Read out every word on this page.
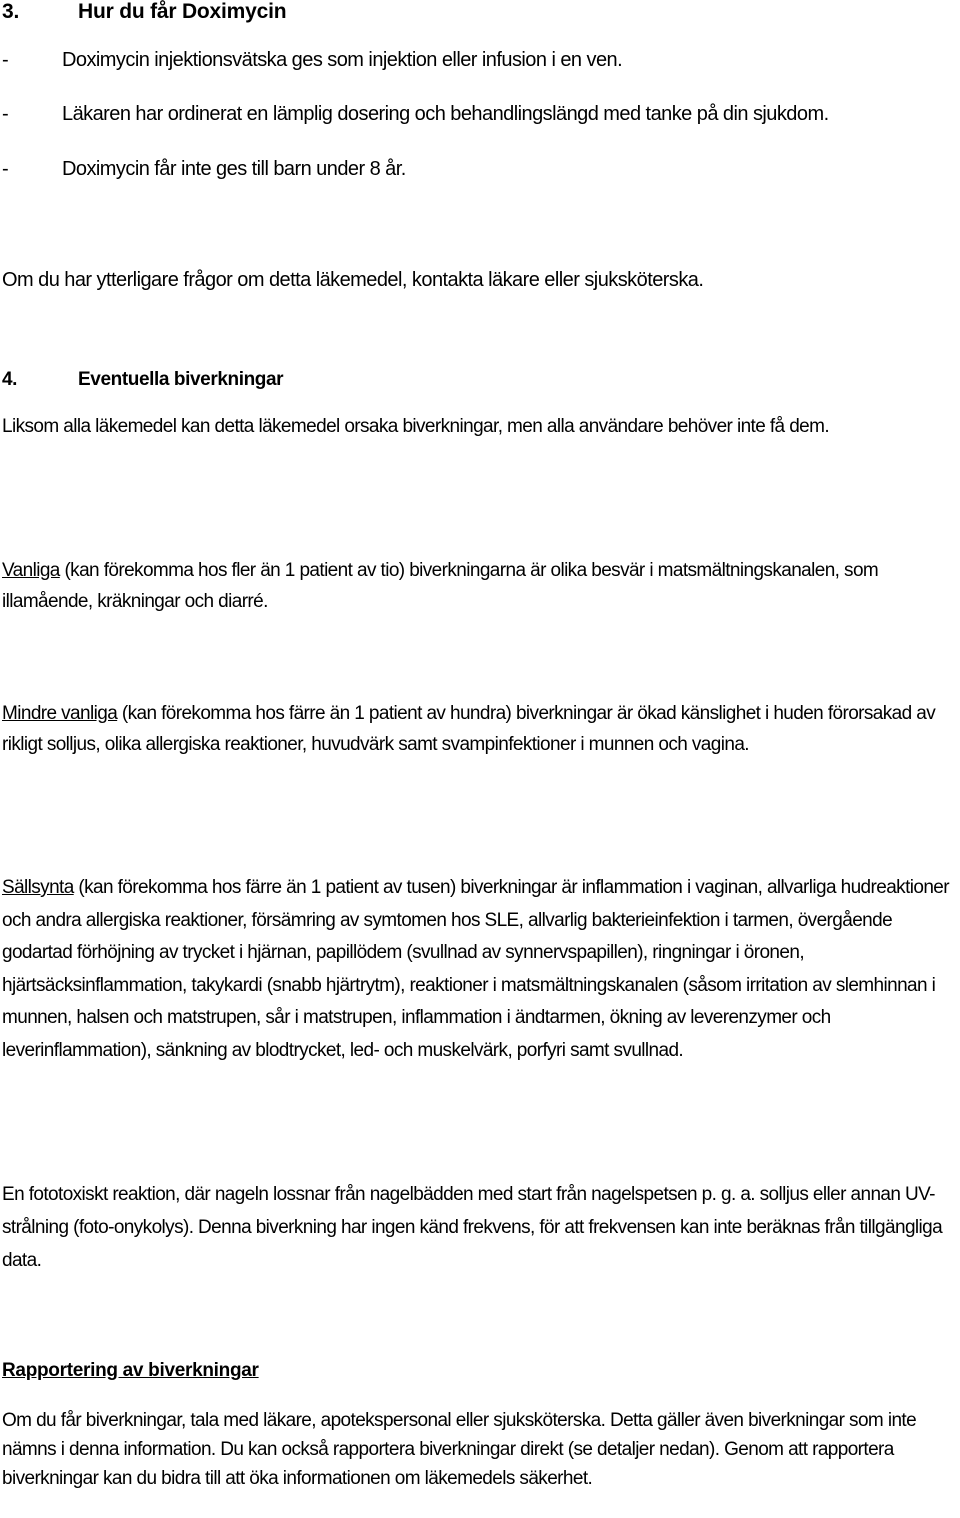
3.	Hur du får Doximycin
-	Doximycin injektionsvätska ges som injektion eller infusion i en ven.
-	Läkaren har ordinerat en lämplig dosering och behandlingslängd med tanke på din sjukdom.
-	Doximycin får inte ges till barn under 8 år.

Om du har ytterligare frågor om detta läkemedel, kontakta läkare eller sjuksköterska.

4.	Eventuella biverkningar

Liksom alla läkemedel kan detta läkemedel orsaka biverkningar, men alla användare behöver inte få dem.

Vanliga (kan förekomma hos fler än 1 patient av tio) biverkningarna är olika besvär i matsmältningskanalen, som illamående, kräkningar och diarré.

Mindre vanliga (kan förekomma hos färre än 1 patient av hundra) biverkningar är ökad känslighet i huden förorsakad av rikligt solljus, olika allergiska reaktioner, huvudvärk samt svampinfektioner i munnen och vagina.

Sällsynta (kan förekomma hos färre än 1 patient av tusen) biverkningar är inflammation i vaginan, allvarliga hudreaktioner och andra allergiska reaktioner, försämring av symtomen hos SLE, allvarlig bakterieinfektion i tarmen, övergående godartad förhöjning av trycket i hjärnan, papillödem (svullnad av synnervspapillen), ringningar i öronen, hjärtsäcksinflammation, takykardi (snabb hjärtrytm), reaktioner i matsmältningskanalen (såsom irritation av slemhinnan i munnen, halsen och matstrupen, sår i matstrupen, inflammation i ändtarmen, ökning av leverenzymer och leverinflammation), sänkning av blodtrycket, led- och muskelvärk, porfyri samt svullnad.

En fototoxiskt reaktion, där nageln lossnar från nagelbädden med start från nagelspetsen p. g. a. solljus eller annan UV-strålning (foto-onykolys). Denna biverkning har ingen känd frekvens, för att frekvensen kan inte beräknas från tillgängliga data.

Rapportering av biverkningar

Om du får biverkningar, tala med läkare, apotekspersonal eller sjuksköterska. Detta gäller även biverkningar som inte nämns i denna information. Du kan också rapportera biverkningar direkt (se detaljer nedan). Genom att rapportera biverkningar kan du bidra till att öka informationen om läkemedels säkerhet.
